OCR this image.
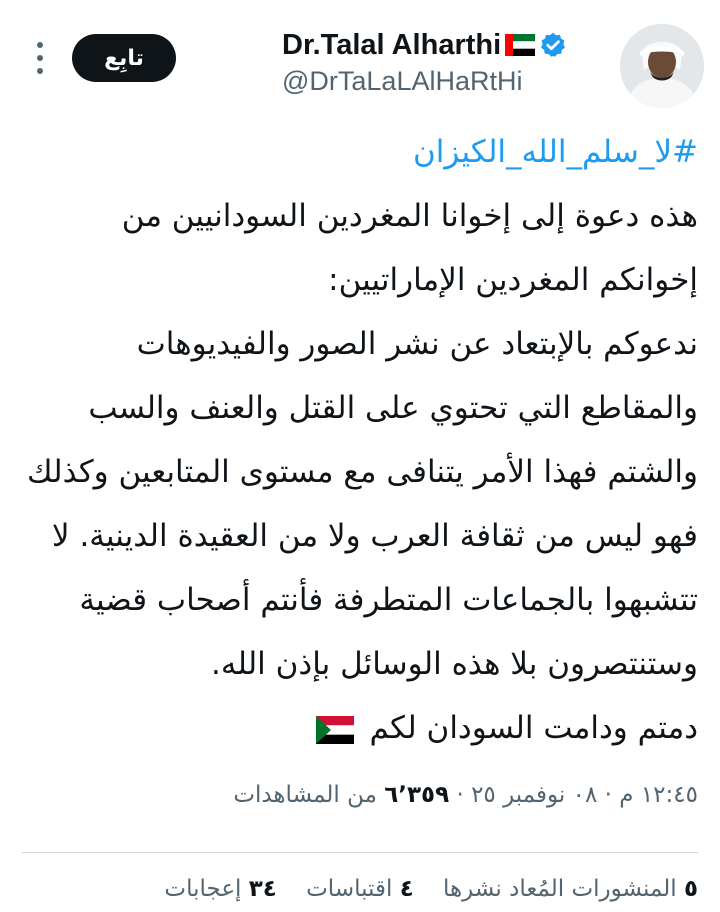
Dr.Talal Alharthi
@DrTaLaLAlHaRtHi
تابِع

#لا_سلم_الله_الكيزان

هذه دعوة إلى إخوانا المغردين السودانيين من

إخوانكم المغردين الإماراتيين:

ندعوكم بالإبتعاد عن نشر الصور والفيديوهات

والمقاطع التي تحتوي على القتل والعنف والسب

والشتم فهذا الأمر يتنافى مع مستوى المتابعين وكذلك

فهو ليس من ثقافة العرب ولا من العقيدة الدينية. لا

تتشبهوا بالجماعات المتطرفة فأنتم أصحاب قضية

وستنتصرون بلا هذه الوسائل بإذن الله.

دمتم ودامت السودان لكم

١٢:٤٥ م · ٠٨ نوفمبر ٢٥ · ٦٬٣٥٩ من المشاهدات
٥ المنشورات المُعاد نشرها ٤ اقتباسات ٣٤ إعجابات
